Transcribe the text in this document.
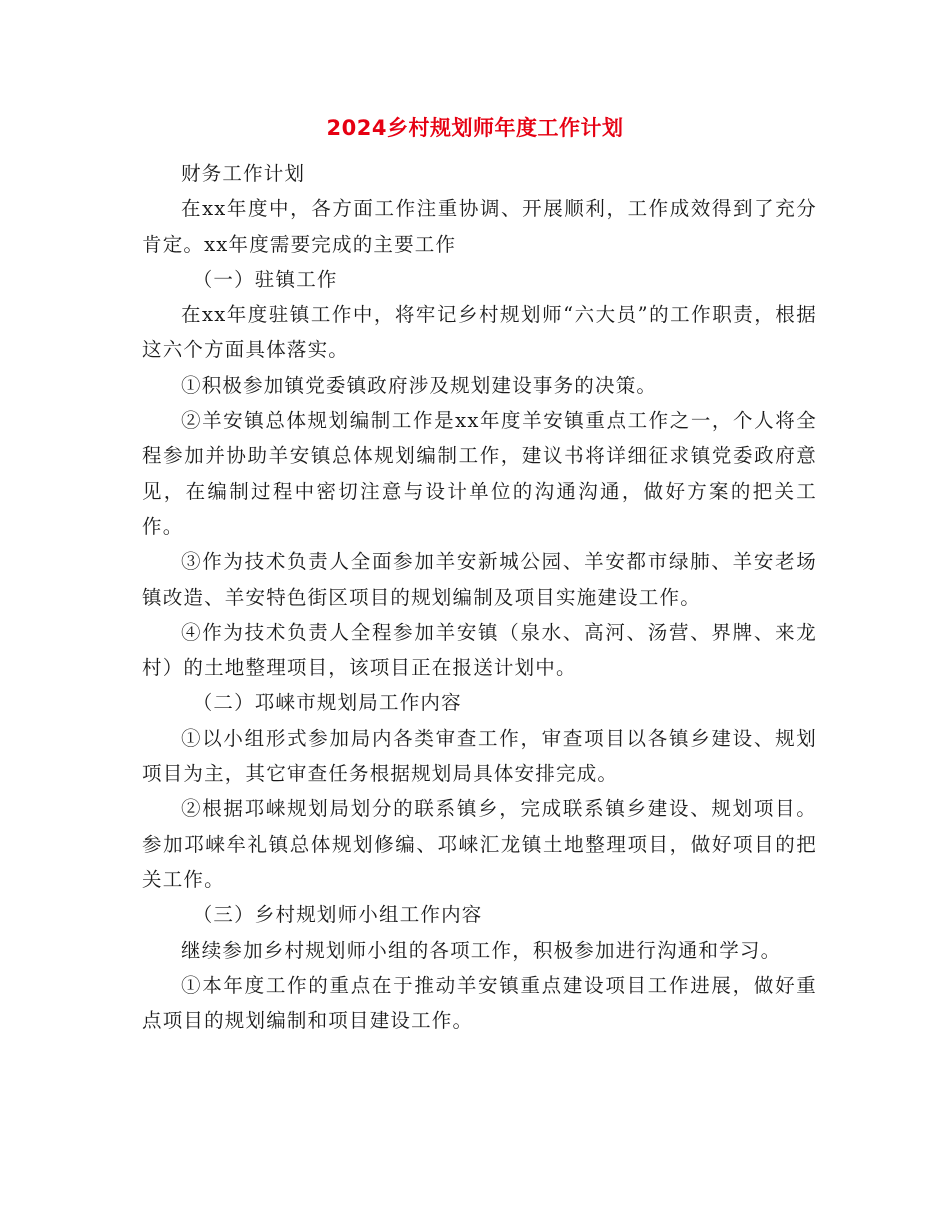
2024乡村规划师年度工作计划

财务工作计划

在xx年度中，各方面工作注重协调、开展顺利，工作成效得到了充分肯定。xx年度需要完成的主要工作

（一）驻镇工作

在xx年度驻镇工作中，将牢记乡村规划师“六大员”的工作职责，根据这六个方面具体落实。

①积极参加镇党委镇政府涉及规划建设事务的决策。

②羊安镇总体规划编制工作是xx年度羊安镇重点工作之一，个人将全程参加并协助羊安镇总体规划编制工作，建议书将详细征求镇党委政府意见，在编制过程中密切注意与设计单位的沟通沟通，做好方案的把关工作。

③作为技术负责人全面参加羊安新城公园、羊安都市绿肺、羊安老场镇改造、羊安特色街区项目的规划编制及项目实施建设工作。

④作为技术负责人全程参加羊安镇（泉水、高河、汤营、界牌、来龙村）的土地整理项目，该项目正在报送计划中。

（二）邛崃市规划局工作内容

①以小组形式参加局内各类审查工作，审查项目以各镇乡建设、规划项目为主，其它审查任务根据规划局具体安排完成。

②根据邛崃规划局划分的联系镇乡，完成联系镇乡建设、规划项目。参加邛崃牟礼镇总体规划修编、邛崃汇龙镇土地整理项目，做好项目的把关工作。

（三）乡村规划师小组工作内容

继续参加乡村规划师小组的各项工作，积极参加进行沟通和学习。

①本年度工作的重点在于推动羊安镇重点建设项目工作进展，做好重点项目的规划编制和项目建设工作。
